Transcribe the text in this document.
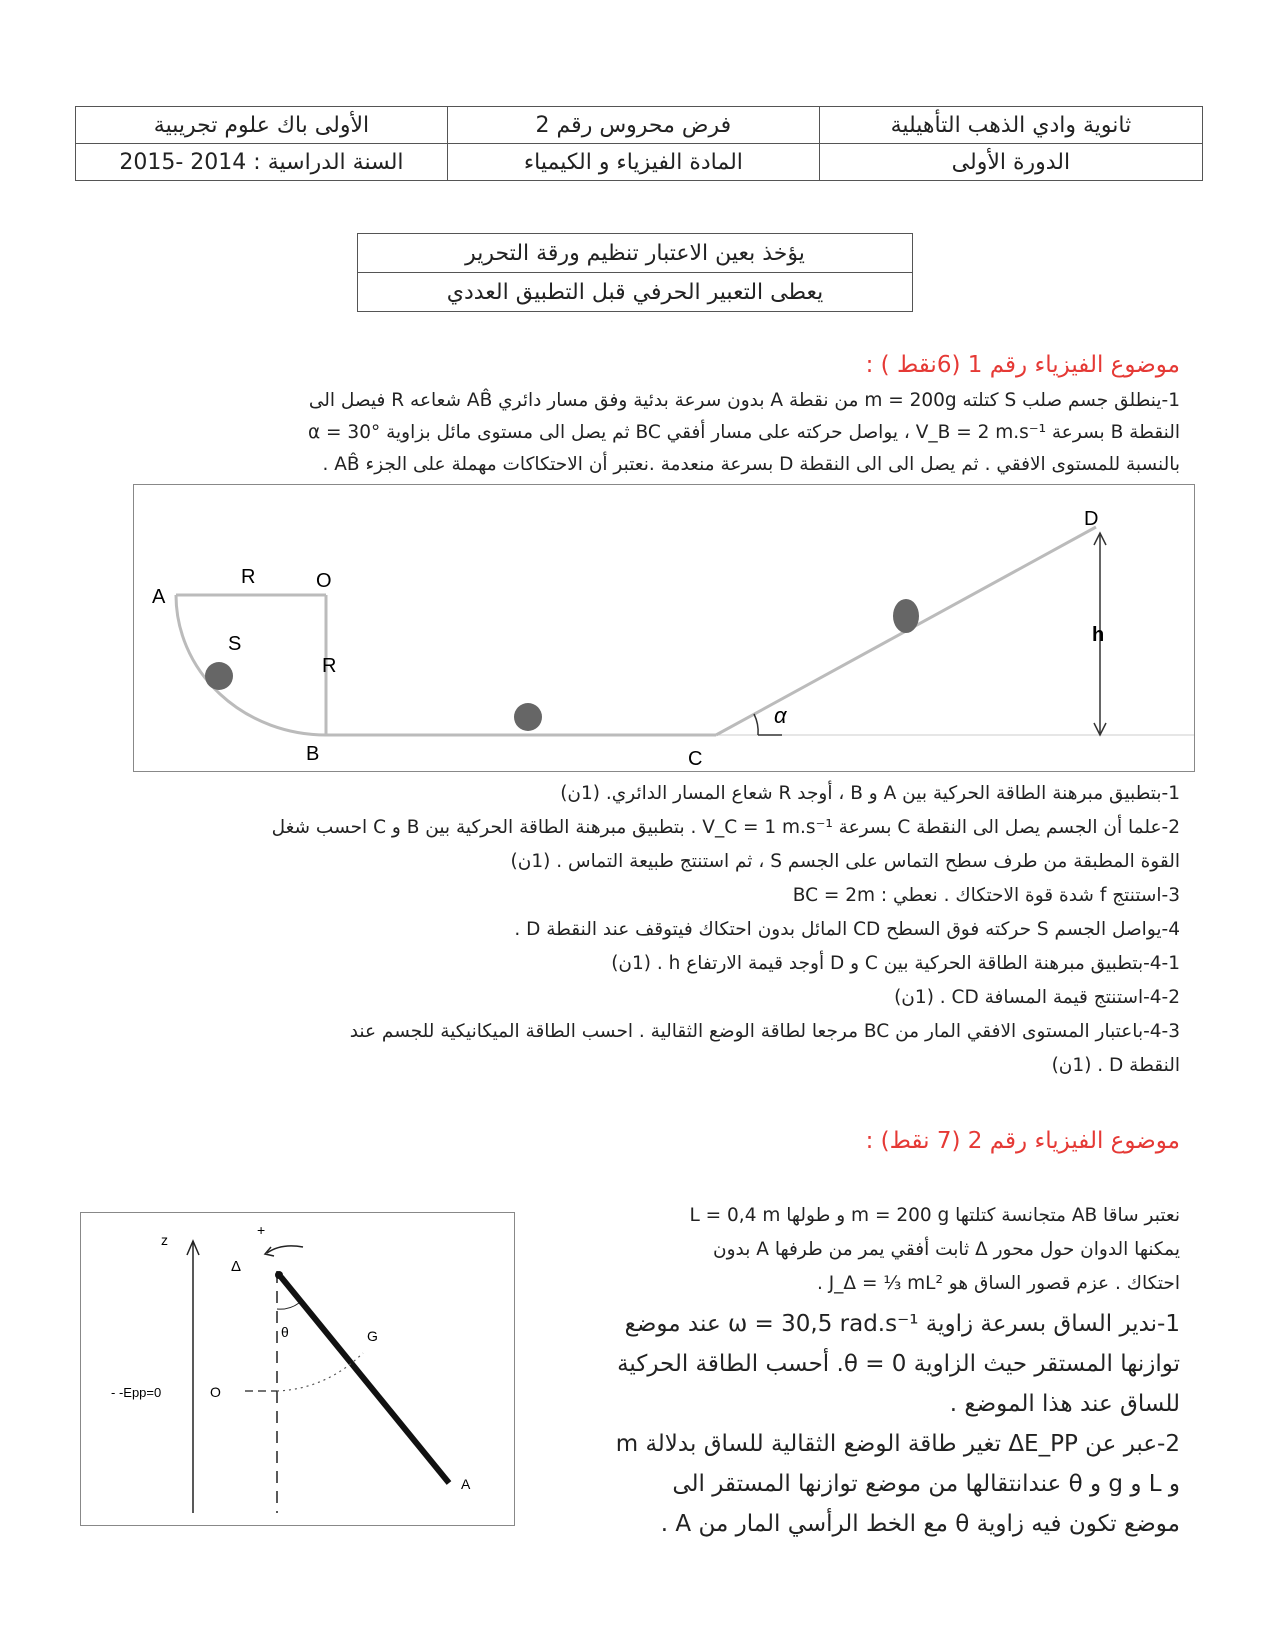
الأولى باك علوم تجريبية	فرض محروس رقم 2	ثانوية وادي الذهب التأهيلية
السنة الدراسية : 2014 -2015	المادة الفيزياء و الكيمياء	الدورة الأولى
يؤخذ بعين الاعتبار تنظيم ورقة التحرير
يعطى التعبير الحرفي قبل التطبيق العددي
موضوع الفيزياء رقم 1 (6نقط ) :
1-ينطلق جسم صلب S كتلته m = 200g من نقطة A بدون سرعة بدئية وفق مسار دائري AB̂ شعاعه R فيصل الى
النقطة B بسرعة V_B = 2 m.s⁻¹ ، يواصل حركته على مسار أفقي BC ثم يصل الى مستوى مائل بزاوية α = 30°
بالنسبة للمستوى الافقي . ثم يصل الى الى النقطة D بسرعة منعدمة .نعتبر أن الاحتكاكات مهملة على الجزء AB̂ .
A
R	O
R
S
B	C
D
h
α
1-بتطبيق مبرهنة الطاقة الحركية بين A و B ، أوجد R شعاع المسار الدائري. (1ن)
2-علما أن الجسم يصل الى النقطة C بسرعة V_C = 1 m.s⁻¹ . بتطبيق مبرهنة الطاقة الحركية بين B و C احسب شغل
القوة المطبقة من طرف سطح التماس على الجسم S ، ثم استنتج طبيعة التماس . (1ن)
3-استنتج f شدة قوة الاحتكاك . نعطي : BC = 2m
4-يواصل الجسم S حركته فوق السطح CD المائل بدون احتكاك فيتوقف عند النقطة D .
4-1-بتطبيق مبرهنة الطاقة الحركية بين C و D أوجد قيمة الارتفاع h . (1ن)
4-2-استنتج قيمة المسافة CD . (1ن)
4-3-باعتبار المستوى الافقي المار من BC مرجعا لطاقة الوضع الثقالية . احسب الطاقة الميكانيكية للجسم عند
النقطة D . (1ن)
موضوع الفيزياء رقم 2 (7 نقط) :
z
+
Δ
θ	G
- -Epp=0	O
A
نعتبر ساقا AB متجانسة كتلتها m = 200 g و طولها L = 0,4 m
يمكنها الدوان حول محور Δ ثابت أفقي يمر من طرفها A بدون
احتكاك . عزم قصور الساق هو J_Δ = ⅓ mL² .
1-ندير الساق بسرعة زاوية ω = 30,5 rad.s⁻¹ عند موضع
توازنها المستقر حيث الزاوية θ = 0. أحسب الطاقة الحركية
للساق عند هذا الموضع .
2-عبر عن ΔE_PP تغير طاقة الوضع الثقالية للساق بدلالة m
و L و g و θ عندانتقالها من موضع توازنها المستقر الى
موضع تكون فيه زاوية θ مع الخط الرأسي المار من A .
